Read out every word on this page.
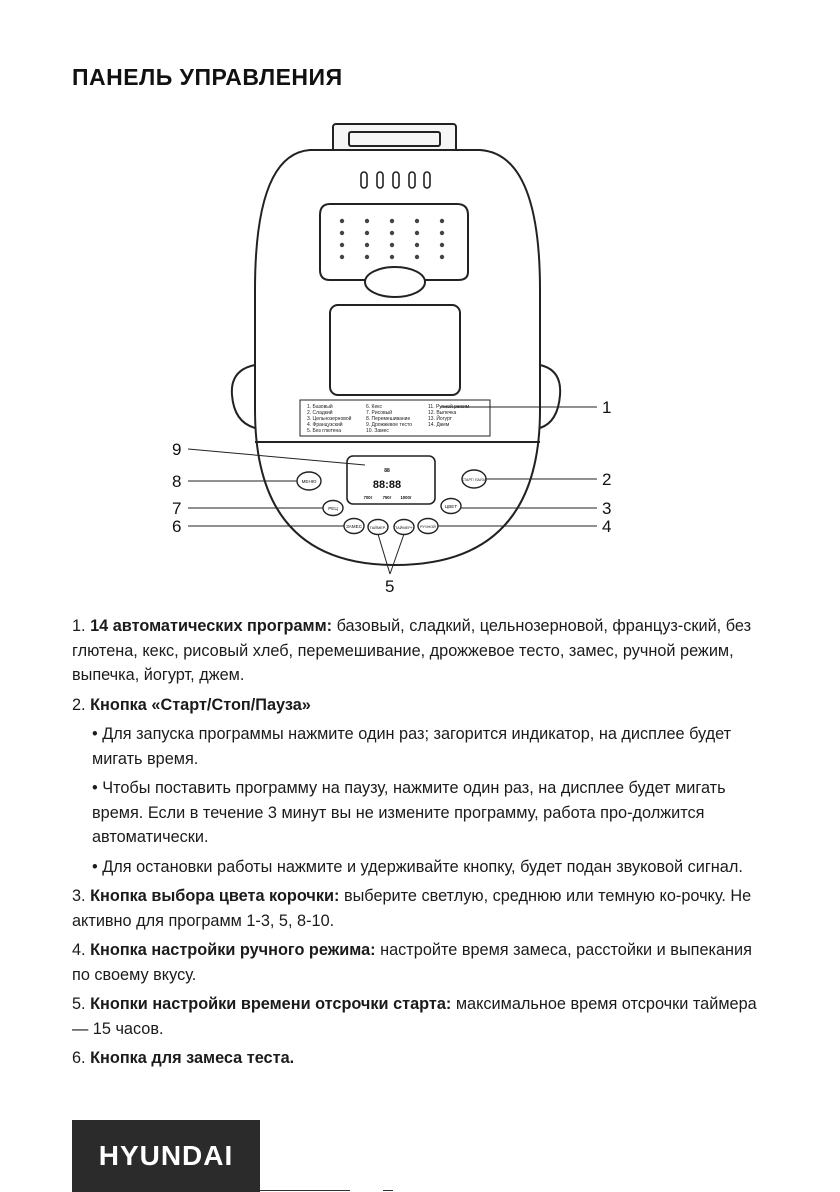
ПАНЕЛЬ УПРАВЛЕНИЯ
1. Базовый
2. Сладкий
3. Цельнозерновой
4. Французский
5. Без глютена
6. Кекс
7. Рисовый
8. Перемешивание
9. Дрожжевое тесто
10. Замес
11. Ручной режим
12. Выпечка
13. Йогурт
14. Джем
88
88:88
700г 750г 1000г
МЕНЮ	СТАРТ/ ПАУЗА
РЕЦ	ЦВЕТ
ЗАМЕС ТАЙМЕР- ТАЙМЕР+ РУЧНОЙ
1
2
3
4
5
6
7
8
9

1. 14 автоматических программ: базовый, сладкий, цельнозерновой, француз-ский, без глютена, кекс, рисовый хлеб, перемешивание, дрожжевое тесто, замес, ручной режим, выпечка, йогурт, джем.

2. Кнопка «Старт/Стоп/Пауза»

• Для запуска программы нажмите один раз; загорится индикатор, на дисплее будет мигать время.

• Чтобы поставить программу на паузу, нажмите один раз, на дисплее будет мигать время. Если в течение 3 минут вы не измените программу, работа про-должится автоматически.

• Для остановки работы нажмите и удерживайте кнопку, будет подан звуковой сигнал.

3. Кнопка выбора цвета корочки: выберите светлую, среднюю или темную ко-рочку. Не активно для программ 1-3, 5, 8-10.

4. Кнопка настройки ручного режима: настройте время замеса, расстойки и выпекания по своему вкусу.

5. Кнопки настройки времени отсрочки старта: максимальное время отсрочки таймера — 15 часов.

6. Кнопка для замеса теста.

HYUNDAI
